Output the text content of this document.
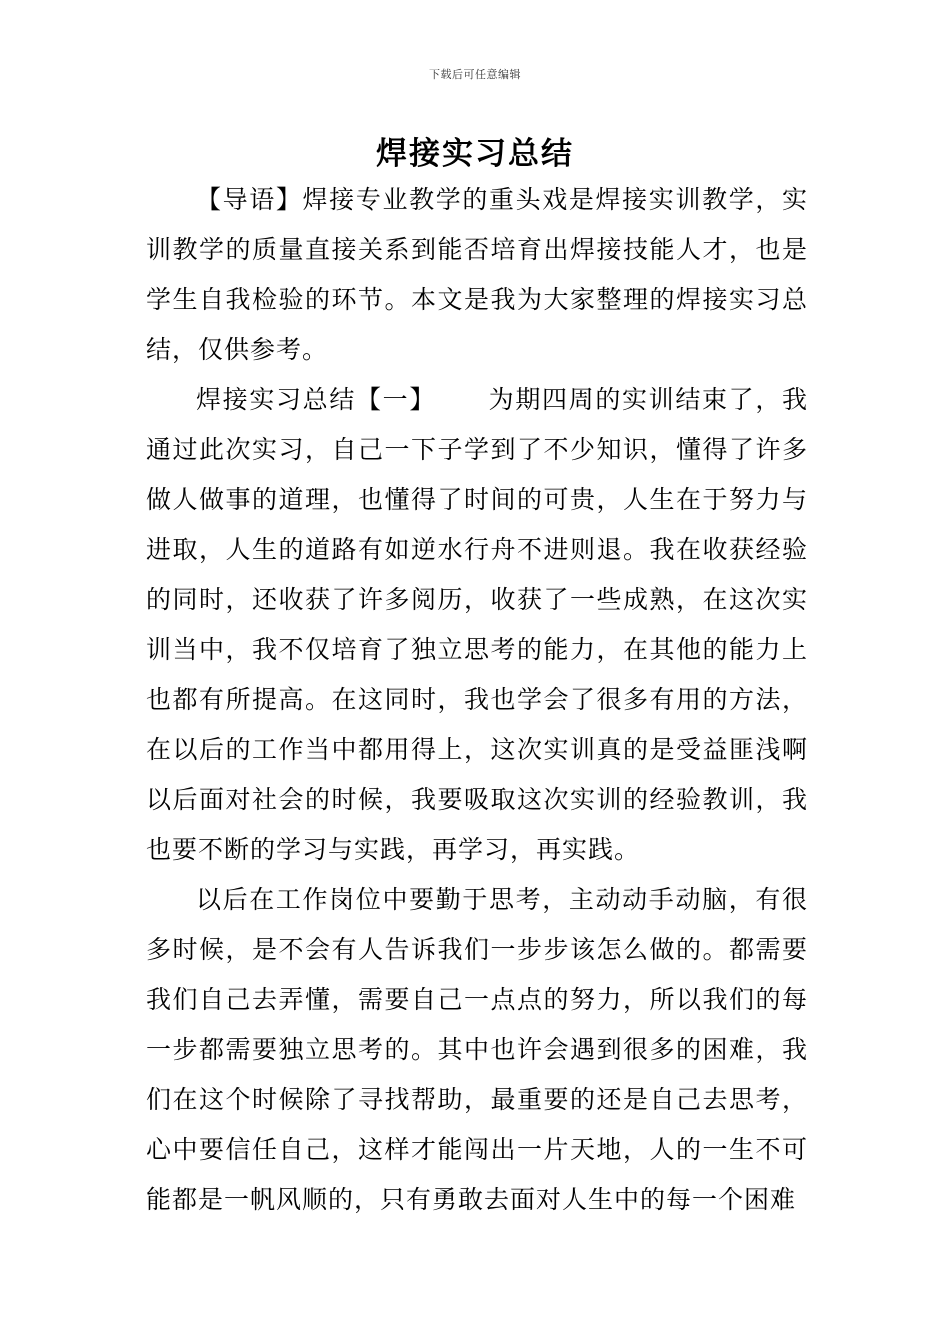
下载后可任意编辑
焊接实习总结

【导语】焊接专业教学的重头戏是焊接实训教学，实训教学的质量直接关系到能否培育出焊接技能人才，也是学生自我检验的环节。本文是我为大家整理的焊接实习总结，仅供参考。

焊接实习总结【一】 为期四周的实训结束了，我通过此次实习，自己一下子学到了不少知识，懂得了许多做人做事的道理，也懂得了时间的可贵，人生在于努力与进取，人生的道路有如逆水行舟不进则退。我在收获经验的同时，还收获了许多阅历，收获了一些成熟，在这次实训当中，我不仅培育了独立思考的能力，在其他的能力上也都有所提高。在这同时，我也学会了很多有用的方法，在以后的工作当中都用得上，这次实训真的是受益匪浅啊以后面对社会的时候，我要吸取这次实训的经验教训，我也要不断的学习与实践，再学习，再实践。

以后在工作岗位中要勤于思考，主动动手动脑，有很多时候，是不会有人告诉我们一步步该怎么做的。都需要我们自己去弄懂，需要自己一点点的努力，所以我们的每一步都需要独立思考的。其中也许会遇到很多的困难，我们在这个时候除了寻找帮助，最重要的还是自己去思考，心中要信任自己，这样才能闯出一片天地，人的一生不可能都是一帆风顺的，只有勇敢去面对人生中的每一个困难
